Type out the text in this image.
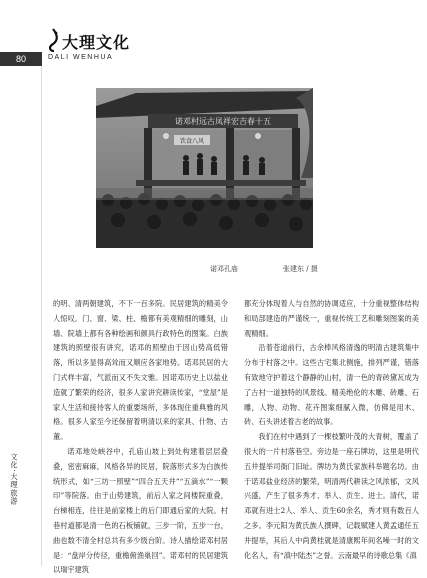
80
大理文化
DALI WENHUA
诺邓村远古凤祥宏吉春十五
饮食八风
诺邓孔庙	张建东 / 摄

的明、清两朝建筑，不下一百多院。民居建筑的精美令人惊叹。门、窗、梁、柱、檐都有美观精细的雕刻，山墙、院墙上都有各种绘画和颜具行政特色的图案。白族建筑的照壁很有讲究，诺邓的照壁由于因山势高低错落，所以多显得高耸而又顺应各家地势。诺邓民居的大门式样丰富，气派而又不失文雅。因诺邓历史上以盐业造就了繁荣的经济，很多人家讲究耕读传家，“堂屋”是家人生活和接待客人的重要场所，多体现住重典雅的风格。很多人家至今还保留着明清以来的家具、什物、古董。

诺邓地处峡谷中，孔庙山坡上到处构建着层层叠叠，密密麻麻，风格各异的民居，院落形式多为白族传统形式，如“三坊一照壁”“四合五天井”“五滴水”“一颗印”等院落。由于山势建筑，前后人家之间楼院重叠，台梯相连，往往是前家楼上的后门即通后家的大院。村巷村道都是清一色的石板铺就，三步一阶，五步一台，曲也数不清全村总共有多少级台阶。诗人描绘诺邓村居是：“盘岸分传径，重檐俯渔巢回”。诺邓村的民居建筑以瑞宇建筑

都充分体现着人与自然的协调适应，十分重视整体结构和局部建造的严谨统一，重视传统工艺和雕刻图案的美观精细。

沿着苍道前行，古余棒风格清逸的明清古建筑集中分布于村落之中。这些古宅集北侧施，排列严谨，错落有致地守护着这个静静的山村，清一色的青砖黛瓦成为了古村一道独特的风景线。精美绝伦的木雕、砖雕、石雕，人物、动物、花卉图案细腻入微，仿佛是用木、砖、石头讲述着古老的故事。

我们在村中遇到了一棵枝繁叶茂的大青树，覆盖了很大的一片村落巷空。旁边是一座石牌坊，这里是明代五井提举司衙门旧址。牌坊为黄氏家族科举题名坊。由于诺邓盐业经济的繁荣，明清两代耕读之风浓郁，文风兴盛，产生了很多秀才、举人、贡生、进士。清代，诺邓就有进士2人、举人、贡生60余名，秀才则有数百人之多。李元阳为黄氏族人撰碑，记载赋建人黄孟通任五井提举，其后人中尚黄桂就是清康熙年间名噪一时的文化名人，有“滇中陆杰”之誉。云南最早的诗歌总集《滇

文化·大理旅游
